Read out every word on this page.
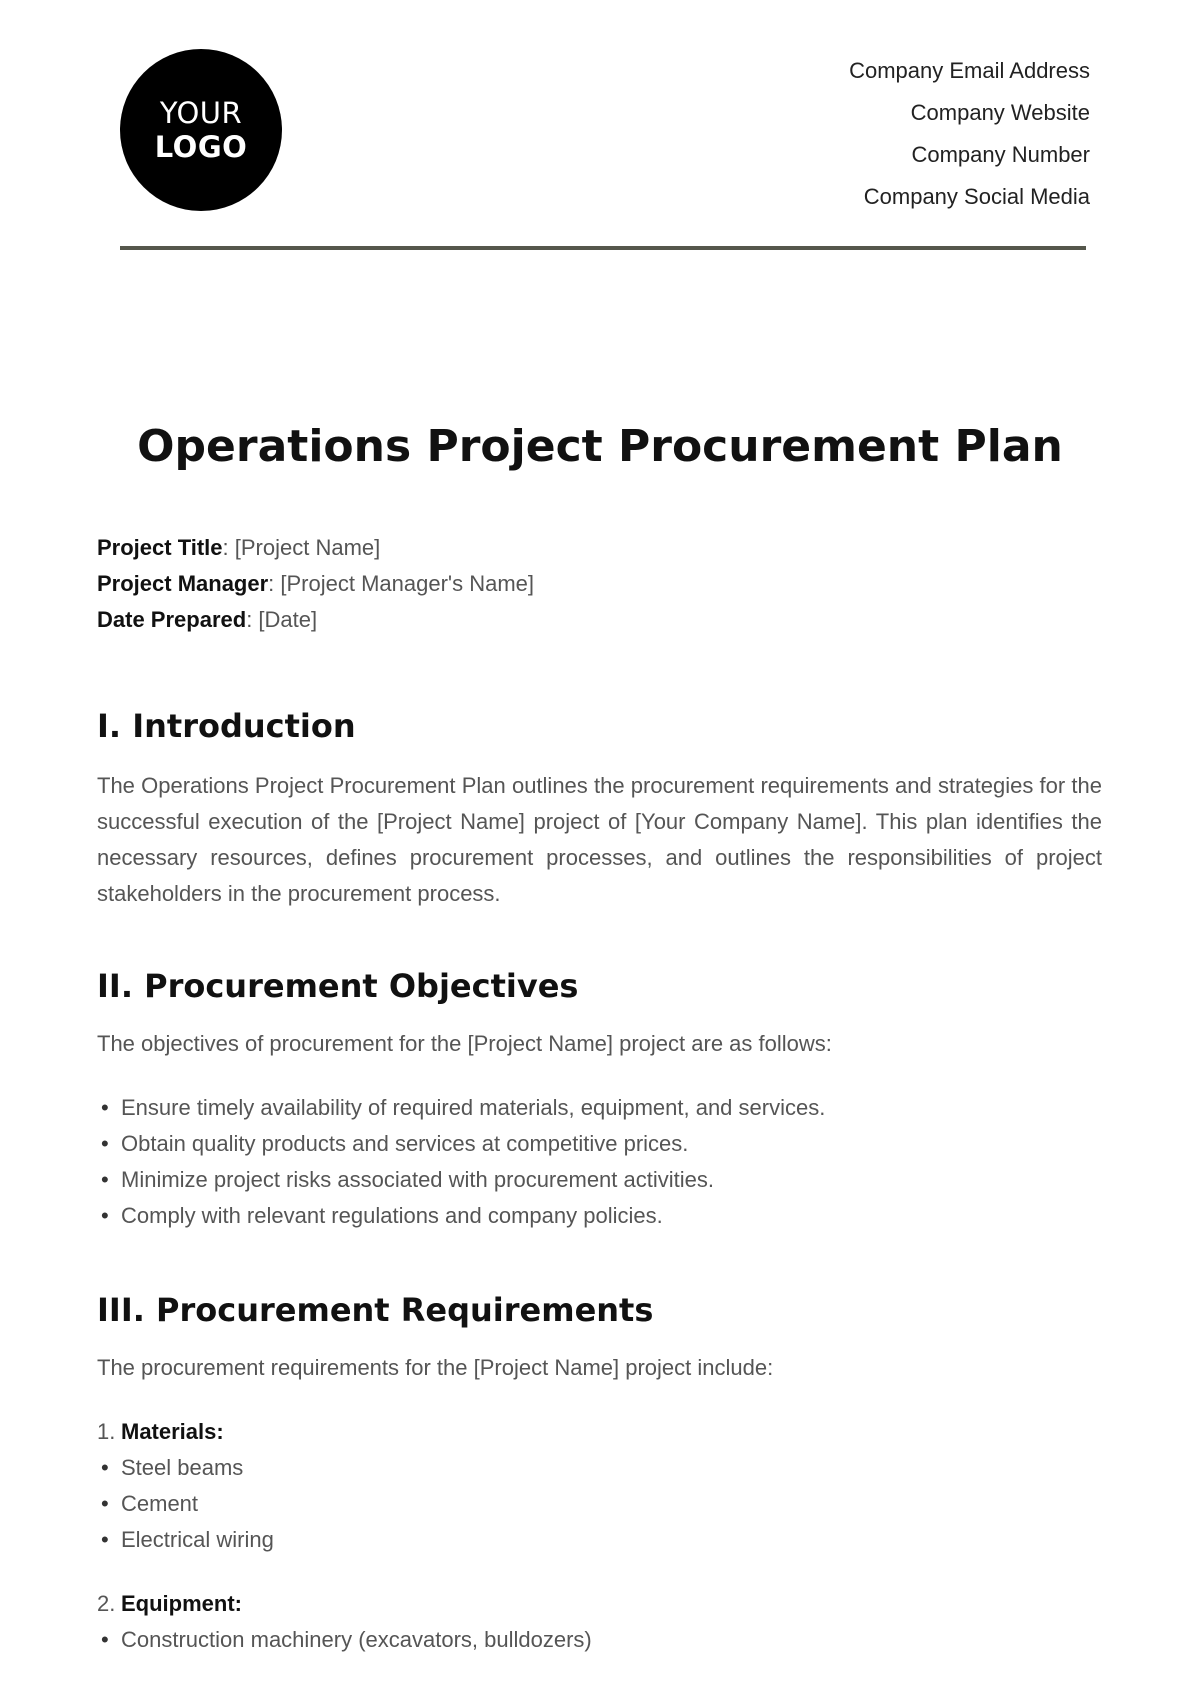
YOUR
LOGO
Company Email Address
Company Website
Company Number
Company Social Media
Operations Project Procurement Plan
Project Title: [Project Name]
Project Manager: [Project Manager's Name]
Date Prepared: [Date]
I. Introduction

The Operations Project Procurement Plan outlines the procurement requirements and strategies for the successful execution of the [Project Name] project of [Your Company Name]. This plan identifies the necessary resources, defines procurement processes, and outlines the responsibilities of project stakeholders in the procurement process.

II. Procurement Objectives

The objectives of procurement for the [Project Name] project are as follows:

• Ensure timely availability of required materials, equipment, and services.
• Obtain quality products and services at competitive prices.
• Minimize project risks associated with procurement activities.
• Comply with relevant regulations and company policies.
III. Procurement Requirements

The procurement requirements for the [Project Name] project include:

1. Materials:
• Steel beams
• Cement
• Electrical wiring
2. Equipment:
• Construction machinery (excavators, bulldozers)
